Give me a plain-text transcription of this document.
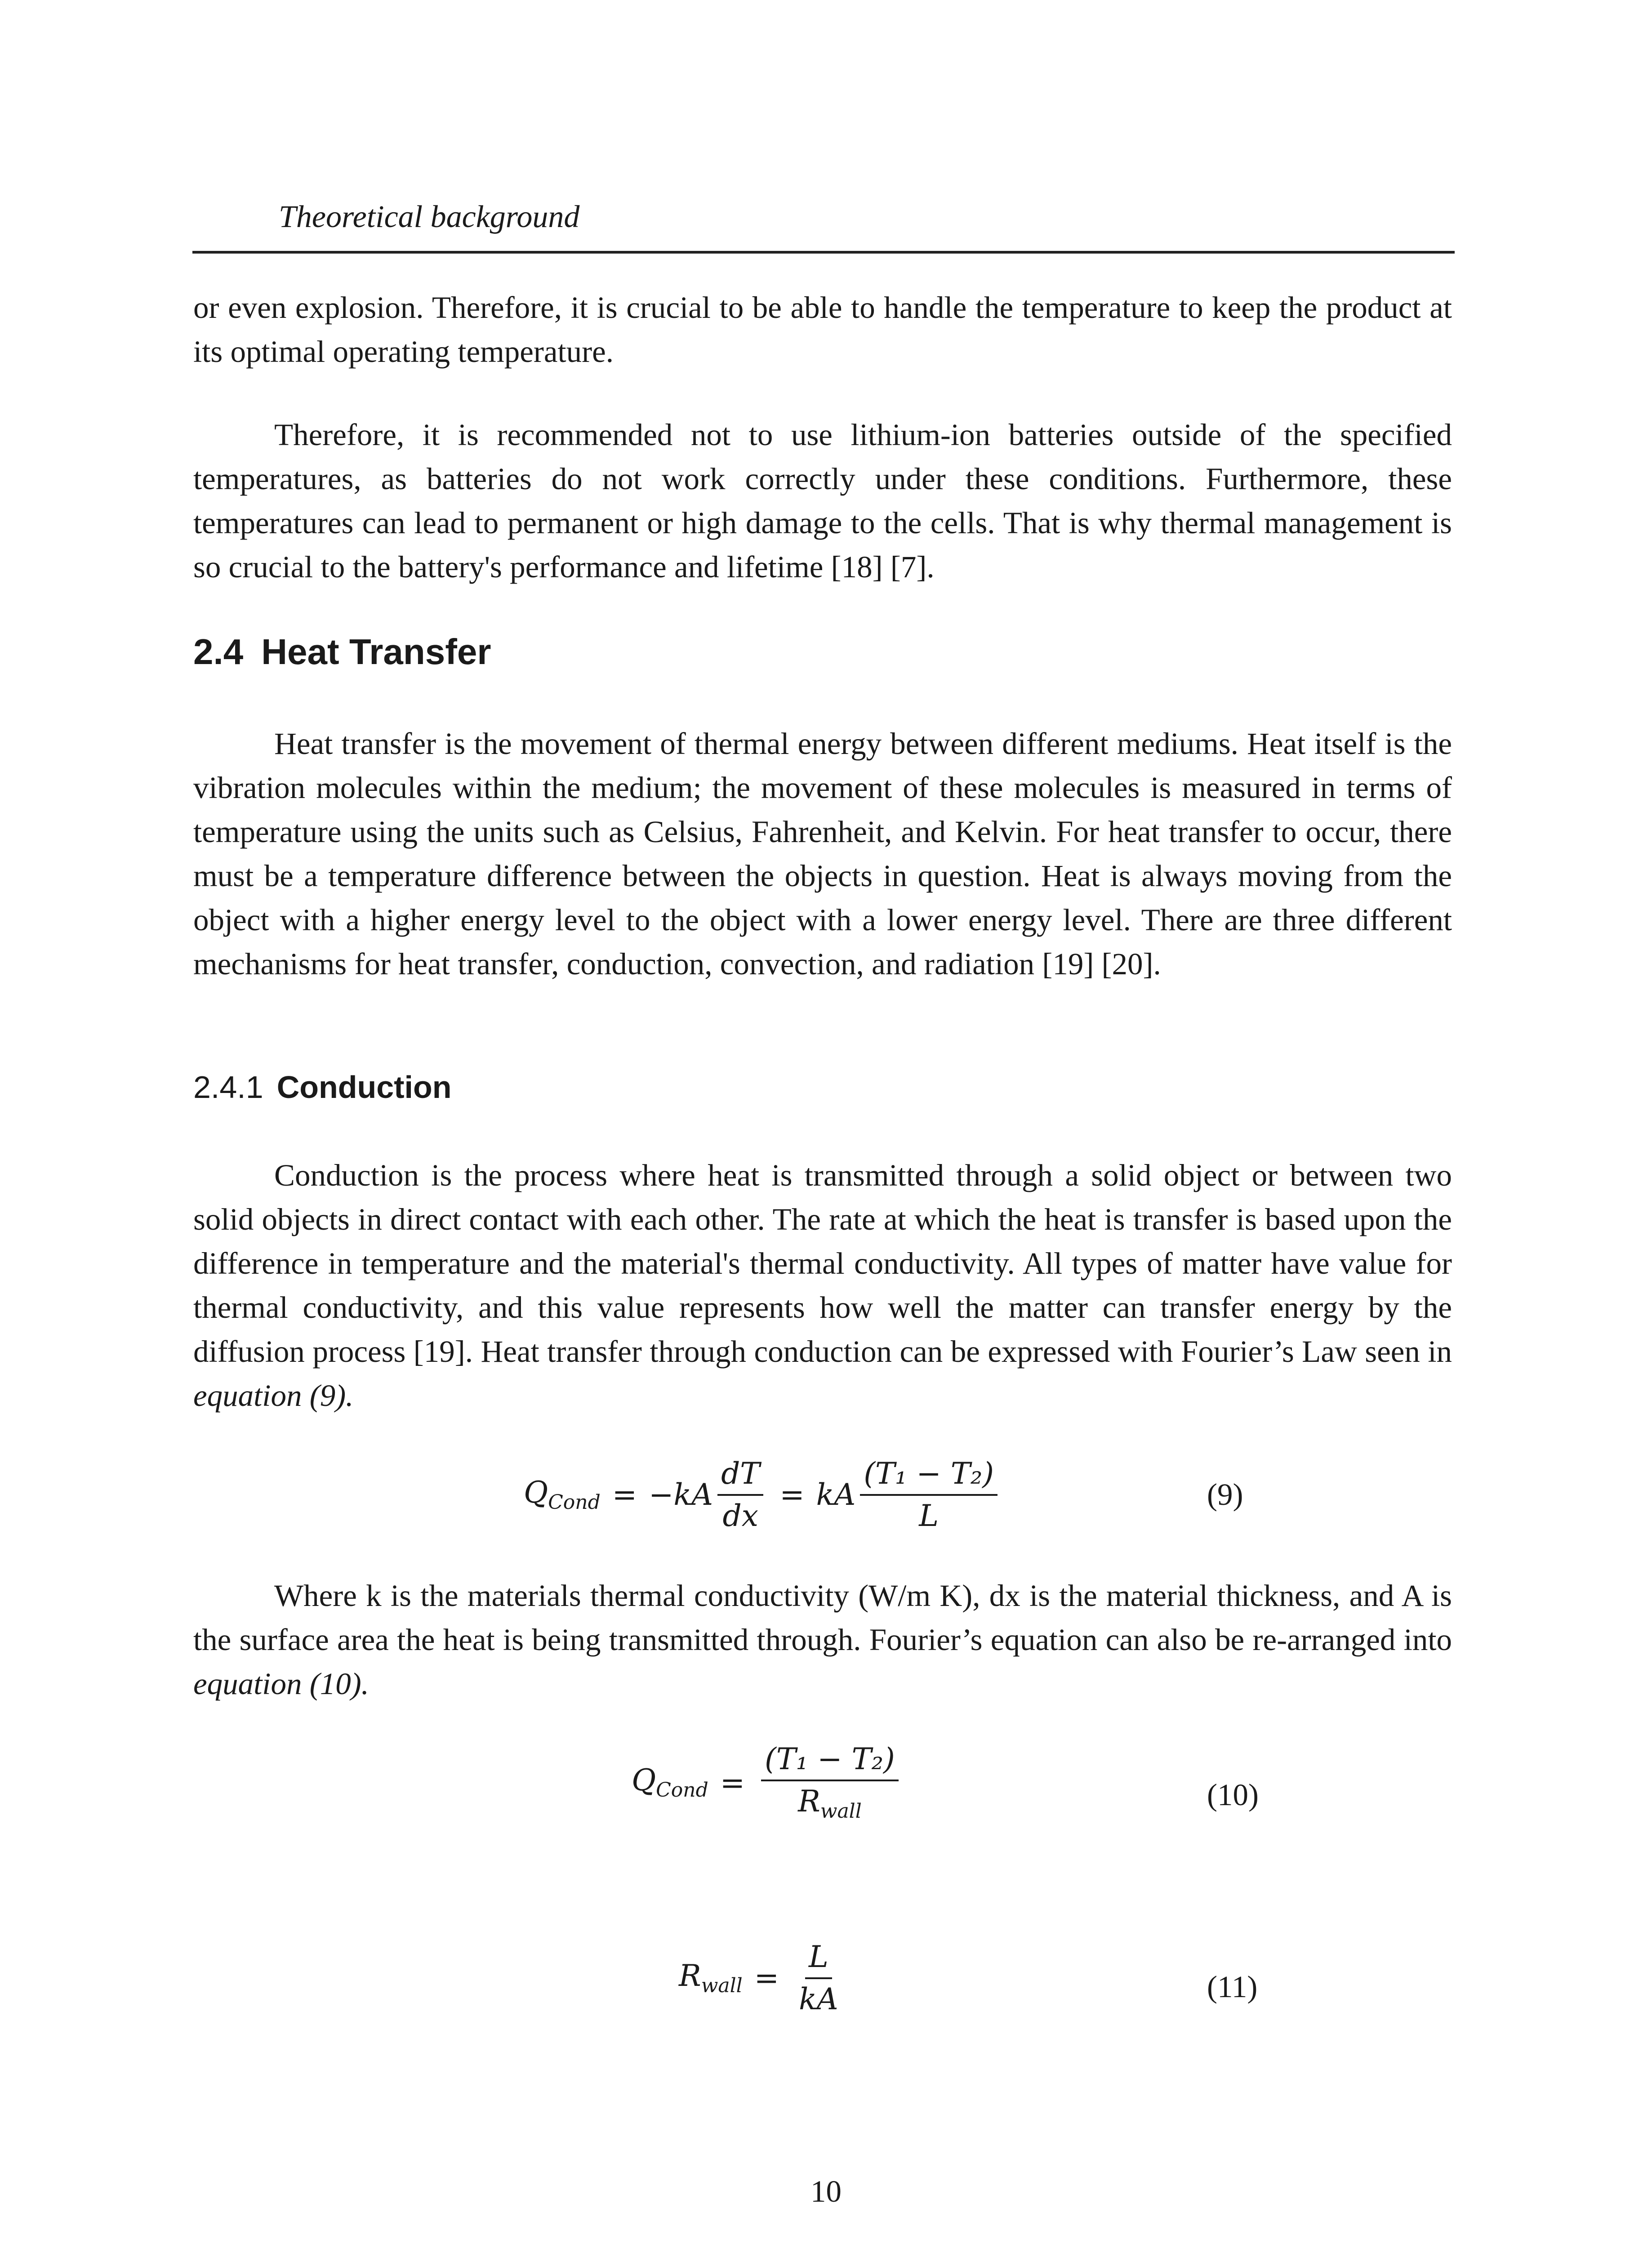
Theoretical background

or even explosion. Therefore, it is crucial to be able to handle the temperature to keep the product at its optimal operating temperature.

Therefore, it is recommended not to use lithium-ion batteries outside of the specified temperatures, as batteries do not work correctly under these conditions. Furthermore, these temperatures can lead to permanent or high damage to the cells. That is why thermal management is so crucial to the battery's performance and lifetime [18] [7].

2.4 Heat Transfer

Heat transfer is the movement of thermal energy between different mediums. Heat itself is the vibration molecules within the medium; the movement of these molecules is measured in terms of temperature using the units such as Celsius, Fahrenheit, and Kelvin. For heat transfer to occur, there must be a temperature difference between the objects in question. Heat is always moving from the object with a higher energy level to the object with a lower energy level. There are three different mechanisms for heat transfer, conduction, convection, and radiation [19] [20].

2.4.1 Conduction

Conduction is the process where heat is transmitted through a solid object or between two solid objects in direct contact with each other. The rate at which the heat is transfer is based upon the difference in temperature and the material's thermal conductivity. All types of matter have value for thermal conductivity, and this value represents how well the matter can transfer energy by the diffusion process [19]. Heat transfer through conduction can be expressed with Fourier’s Law seen in equation (9).

$Q_{Cond} = -kA \frac{dT}{dx}$ = kA $\frac{\text{(T₁ − T₂)}}{L}$	(9)

Where k is the materials thermal conductivity (W/m K), dx is the material thickness, and A is the surface area the heat is being transmitted through. Fourier’s equation can also be re-arranged into equation (10).

$Q_{Cond} = \frac{\text{(T₁ − T₂)}}{R_{wall}}$	(10)
$R_{wall} = \frac{L}{kA}$	(11)
10
